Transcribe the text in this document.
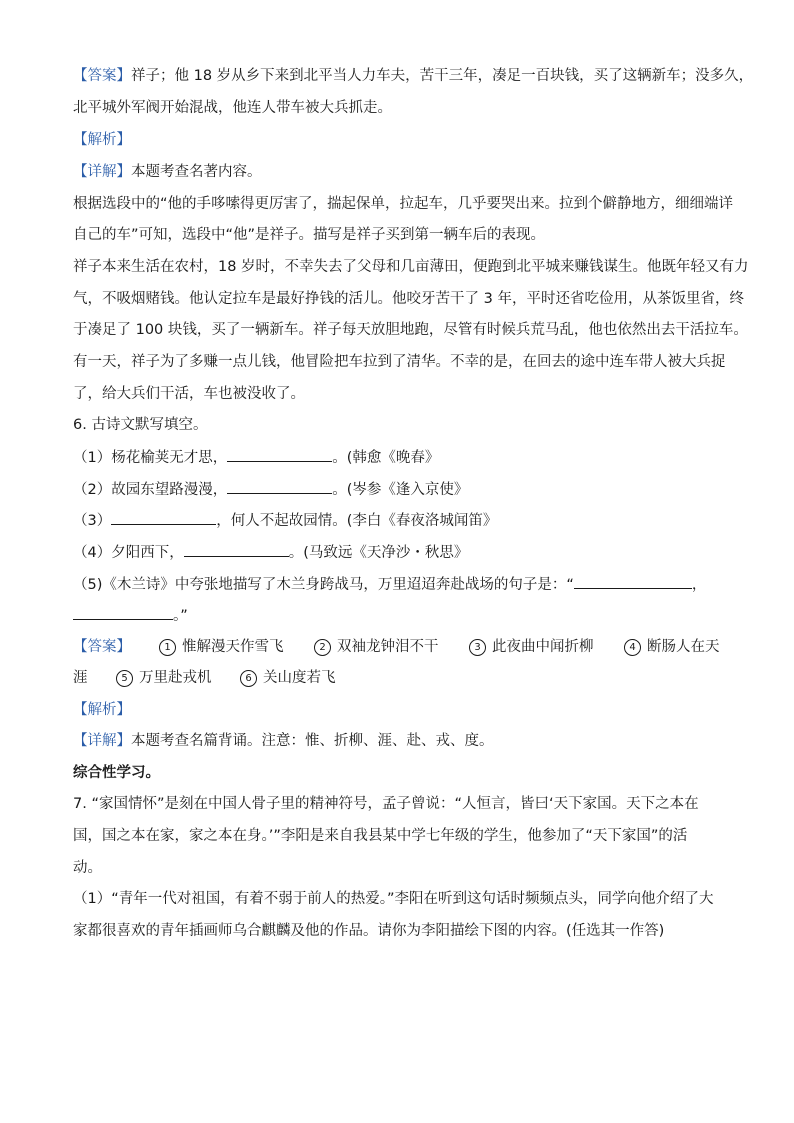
【答案】祥子；他 18 岁从乡下来到北平当人力车夫，苦干三年，凑足一百块钱，买了这辆新车；没多久，
北平城外军阀开始混战，他连人带车被大兵抓走。
【解析】
【详解】本题考查名著内容。
根据选段中的“他的手哆嗦得更厉害了，揣起保单，拉起车，几乎要哭出来。拉到个僻静地方，细细端详
自己的车”可知，选段中“他”是祥子。描写是祥子买到第一辆车后的表现。
祥子本来生活在农村，18 岁时，不幸失去了父母和几亩薄田，便跑到北平城来赚钱谋生。他既年轻又有力
气，不吸烟赌钱。他认定拉车是最好挣钱的活儿。他咬牙苦干了 3 年，平时还省吃俭用，从茶饭里省，终
于凑足了 100 块钱，买了一辆新车。祥子每天放胆地跑，尽管有时候兵荒马乱，他也依然出去干活拉车。
有一天，祥子为了多赚一点儿钱，他冒险把车拉到了清华。不幸的是，在回去的途中连车带人被大兵捉
了，给大兵们干活，车也被没收了。
6. 古诗文默写填空。
（1）杨花榆荚无才思，	。(韩愈《晚春》
（2）故园东望路漫漫，	。(岑参《逢入京使》
（3）	，何人不起故园情。(李白《春夜洛城闻笛》
（4）夕阳西下，	。(马致远《天净沙・秋思》
（5)《木兰诗》中夸张地描写了木兰身跨战马，万里迢迢奔赴战场的句子是：“	，
。”
【答案】	1 惟解漫天作雪飞	2 双袖龙钟泪不干	3 此夜曲中闻折柳	4 断肠人在天
涯	5 万里赴戎机	6 关山度若飞
【解析】
【详解】本题考查名篇背诵。注意：惟、折柳、涯、赴、戎、度。
综合性学习。
7. “家国情怀”是刻在中国人骨子里的精神符号，孟子曾说：“人恒言，皆曰‘天下家国。天下之本在
国，国之本在家，家之本在身。’”李阳是来自我县某中学七年级的学生，他参加了“天下家国”的活
动。
（1）“青年一代对祖国，有着不弱于前人的热爱。”李阳在听到这句话时频频点头，同学向他介绍了大
家都很喜欢的青年插画师乌合麒麟及他的作品。请你为李阳描绘下图的内容。(任选其一作答)
